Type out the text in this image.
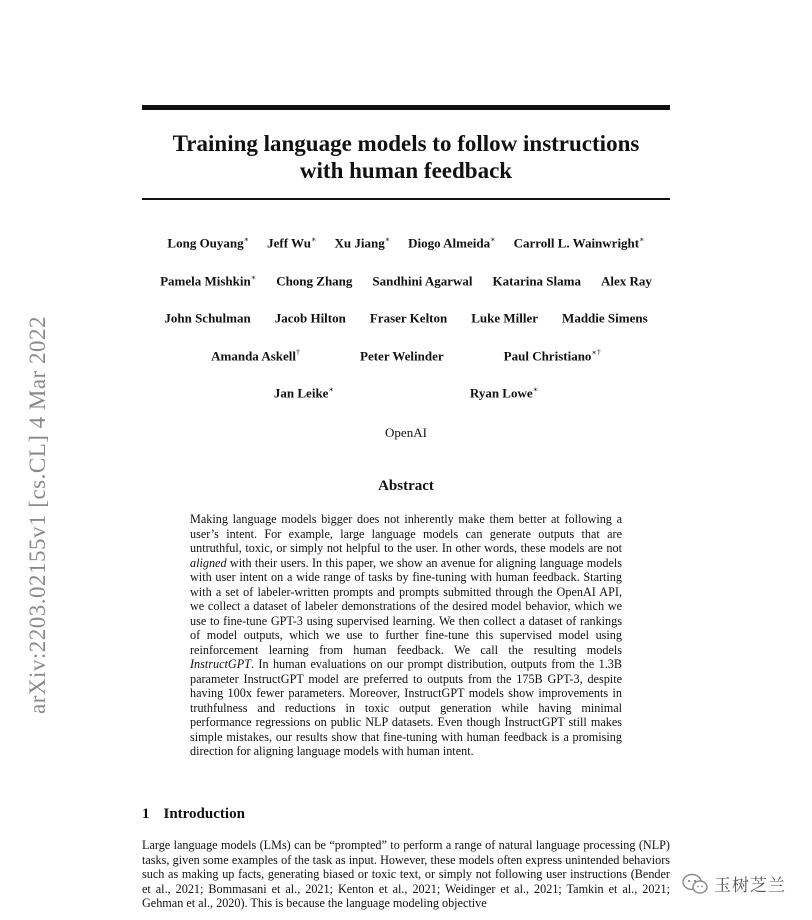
arXiv:2203.02155v1 [cs.CL] 4 Mar 2022
Training language models to follow instructions
with human feedback
Long Ouyang∗ Jeff Wu∗ Xu Jiang∗ Diogo Almeida∗ Carroll L. Wainwright∗
Pamela Mishkin∗ Chong Zhang Sandhini Agarwal Katarina Slama Alex Ray
John Schulman Jacob Hilton Fraser Kelton Luke Miller Maddie Simens
Amanda Askell†	Peter Welinder	Paul Christiano∗†
Jan Leike∗	Ryan Lowe∗
OpenAI
Abstract
Making language models bigger does not inherently make them better at following a user’s intent. For example, large language models can generate outputs that are untruthful, toxic, or simply not helpful to the user. In other words, these models are not aligned with their users. In this paper, we show an avenue for aligning language models with user intent on a wide range of tasks by fine-tuning with human feedback. Starting with a set of labeler-written prompts and prompts submitted through the OpenAI API, we collect a dataset of labeler demonstrations of the desired model behavior, which we use to fine-tune GPT-3 using supervised learning. We then collect a dataset of rankings of model outputs, which we use to further fine-tune this supervised model using reinforcement learning from human feedback. We call the resulting models InstructGPT. In human evaluations on our prompt distribution, outputs from the 1.3B parameter InstructGPT model are preferred to outputs from the 175B GPT-3, despite having 100x fewer parameters. Moreover, InstructGPT models show improvements in truthfulness and reductions in toxic output generation while having minimal performance regressions on public NLP datasets. Even though InstructGPT still makes simple mistakes, our results show that fine-tuning with human feedback is a promising direction for aligning language models with human intent.
1 Introduction
Large language models (LMs) can be “prompted” to perform a range of natural language processing (NLP) tasks, given some examples of the task as input. However, these models often express unintended behaviors such as making up facts, generating biased or toxic text, or simply not following user instructions (Bender et al., 2021; Bommasani et al., 2021; Kenton et al., 2021; Weidinger et al., 2021; Tamkin et al., 2021; Gehman et al., 2020). This is because the language modeling objective
玉树芝兰
